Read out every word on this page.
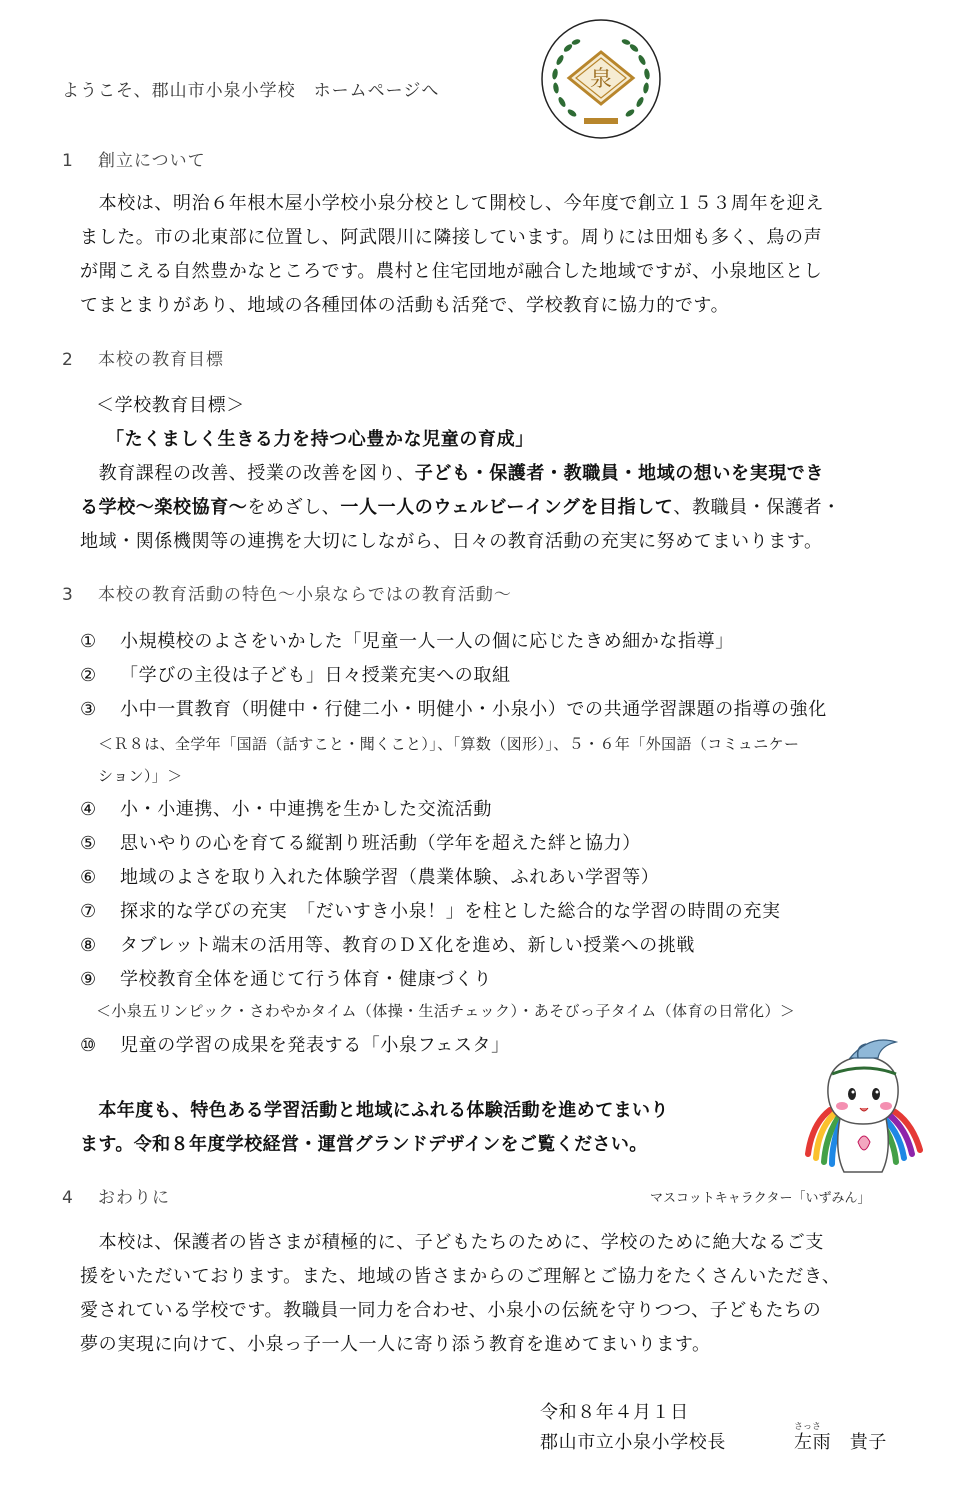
ようこそ、郡山市小泉小学校　ホームページへ	泉
1 創立について
　本校は、明治６年根木屋小学校小泉分校として開校し、今年度で創立１５３周年を迎え
ました。市の北東部に位置し、阿武隈川に隣接しています。周りには田畑も多く、鳥の声
が聞こえる自然豊かなところです。農村と住宅団地が融合した地域ですが、小泉地区とし
てまとまりがあり、地域の各種団体の活動も活発で、学校教育に協力的です。
2 本校の教育目標
＜学校教育目標＞
「たくましく生きる力を持つ心豊かな児童の育成」
　教育課程の改善、授業の改善を図り、子ども・保護者・教職員・地域の想いを実現でき
る学校～楽校協育～をめざし、一人一人のウェルビーイングを目指して、教職員・保護者・
地域・関係機関等の連携を大切にしながら、日々の教育活動の充実に努めてまいります。
3 本校の教育活動の特色～小泉ならではの教育活動～
① 小規模校のよさをいかした「児童一人一人の個に応じたきめ細かな指導」
② 「学びの主役は子ども」日々授業充実への取組
③ 小中一貫教育（明健中・行健二小・明健小・小泉小）での共通学習課題の指導の強化
＜Ｒ８は、全学年「国語（話すこと・聞くこと）」、「算数（図形）」、５・６年「外国語（コミュニケー
ション）」＞
④ 小・小連携、小・中連携を生かした交流活動
⑤ 思いやりの心を育てる縦割り班活動（学年を超えた絆と協力）
⑥ 地域のよさを取り入れた体験学習（農業体験、ふれあい学習等）
⑦ 探求的な学びの充実　「だいすき小泉！」を柱とした総合的な学習の時間の充実
⑧ タブレット端末の活用等、教育のＤＸ化を進め、新しい授業への挑戦
⑨ 学校教育全体を通じて行う体育・健康づくり
＜小泉五リンピック・さわやかタイム（体操・生活チェック）・あそびっ子タイム（体育の日常化）＞
⑩ 児童の学習の成果を発表する「小泉フェスタ」
　本年度も、特色ある学習活動と地域にふれる体験活動を進めてまいり
ます。令和８年度学校経営・運営グランドデザインをご覧ください。
マスコットキャラクター「いずみん」
4 おわりに
　本校は、保護者の皆さまが積極的に、子どもたちのために、学校のために絶大なるご支
援をいただいております。また、地域の皆さまからのご理解とご協力をたくさんいただき、
愛されている学校です。教職員一同力を合わせ、小泉小の伝統を守りつつ、子どもたちの
夢の実現に向けて、小泉っ子一人一人に寄り添う教育を進めてまいります。
令和８年４月１日
郡山市立小泉小学校長
さっさ
左雨　貴子
